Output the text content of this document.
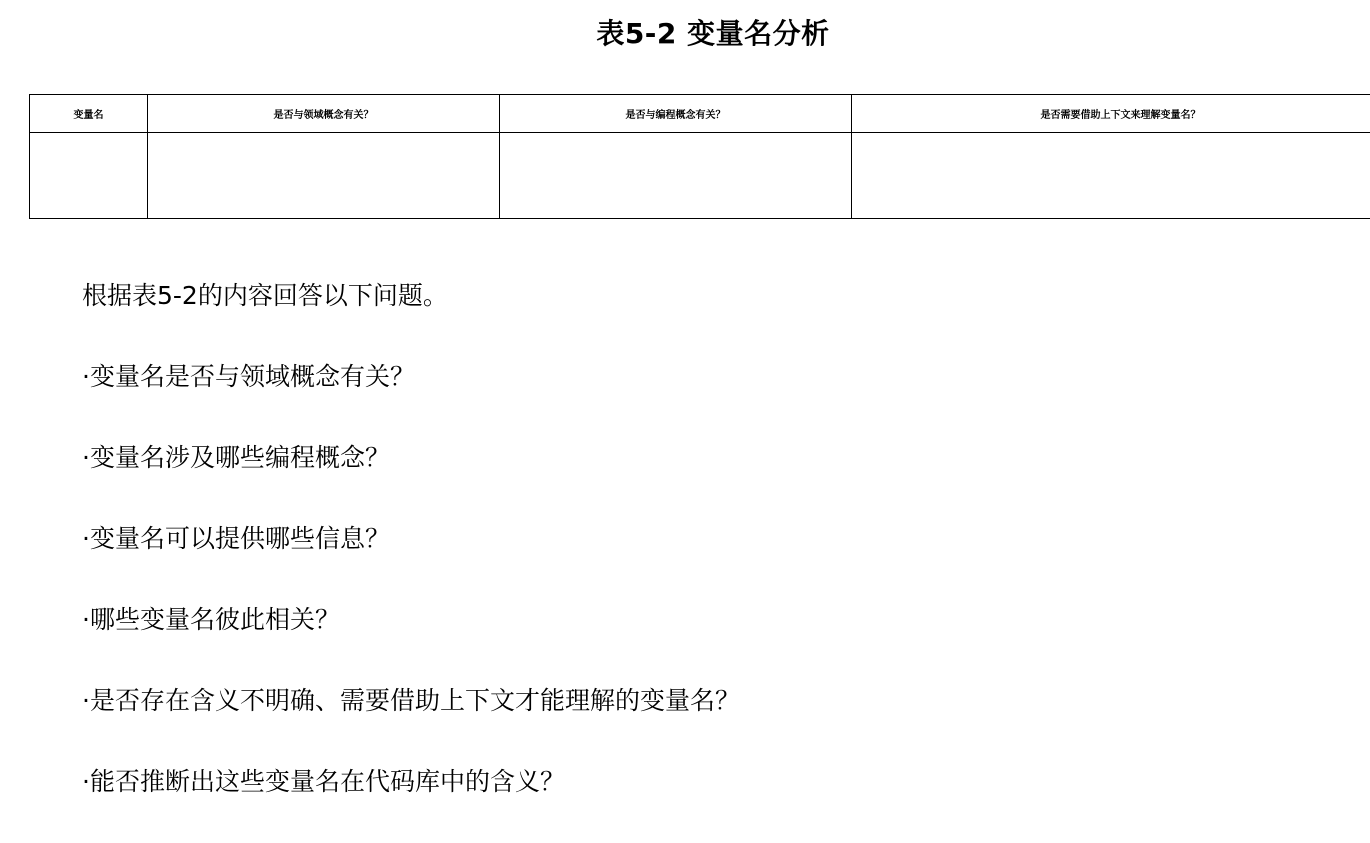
表5-2 变量名分析
变量名	是否与领域概念有关？	是否与编程概念有关？	是否需要借助上下文来理解变量名？

根据表5-2的内容回答以下问题。

·变量名是否与领域概念有关？

·变量名涉及哪些编程概念？

·变量名可以提供哪些信息？

·哪些变量名彼此相关？

·是否存在含义不明确、需要借助上下文才能理解的变量名？

·能否推断出这些变量名在代码库中的含义？
